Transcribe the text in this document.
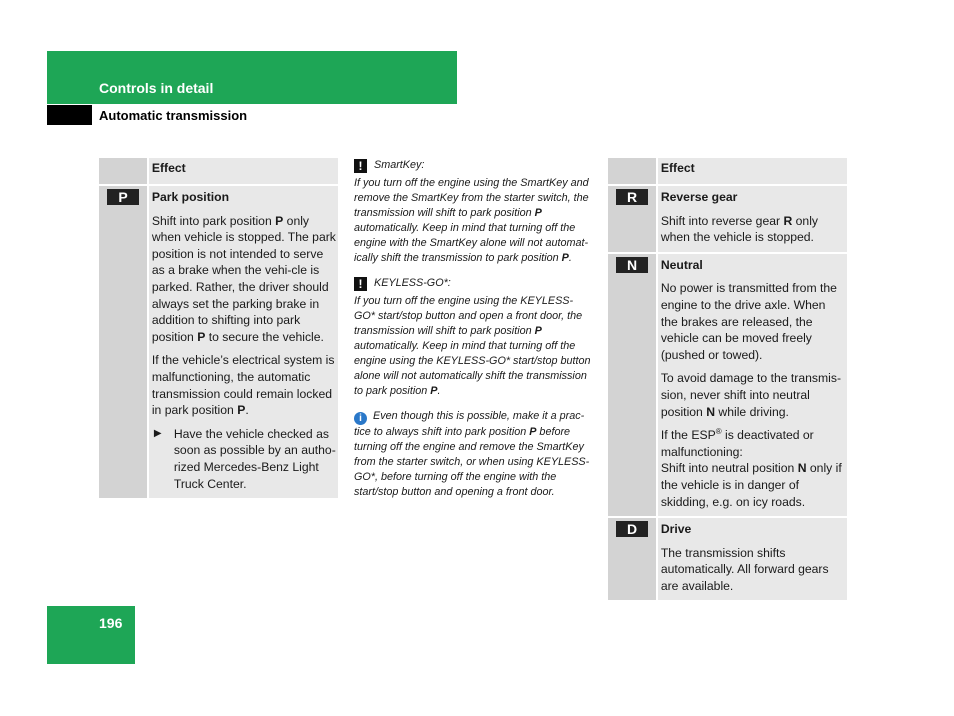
Controls in detail
Automatic transmission

	Effect

P	Park position

Shift into park position P only when vehicle is stopped. The park position is not intended to serve as a brake when the vehi-cle is parked. Rather, the driver should always set the parking brake in addition to shifting into park position P to secure the vehicle.

If the vehicle’s electrical system is malfunctioning, the automatic transmission could remain locked in park position P.

▶ Have the vehicle checked as soon as possible by an autho-rized Mercedes-Benz Light Truck Center.
!	SmartKey:

If you turn off the engine using the SmartKey and remove the SmartKey from the starter switch, the transmission will shift to park position P automatically. Keep in mind that turning off the engine with the SmartKey alone will not automat-ically shift the transmission to park position P.

!	KEYLESS-GO*:

If you turn off the engine using the KEYLESS-GO* start/stop button and open a front door, the transmission will shift to park position P automatically. Keep in mind that turning off the engine using the KEYLESS-GO* start/stop button alone will not automatically shift the transmission to park position P.

i Even though this is possible, make it a prac-tice to always shift into park position P before turning off the engine and remove the SmartKey from the starter switch, or when using KEYLESS-GO*, before turning off the engine with the start/stop button and opening a front door.

	Effect

R	Reverse gear

Shift into reverse gear R only when the vehicle is stopped.

N	Neutral

No power is transmitted from the engine to the drive axle. When the brakes are released, the vehicle can be moved freely (pushed or towed).

To avoid damage to the transmis-sion, never shift into neutral position N while driving.

If the ESP® is deactivated or malfunctioning:
Shift into neutral position N only if the vehicle is in danger of skidding, e.g. on icy roads.

D	Drive

The transmission shifts automatically. All forward gears are available.

196
